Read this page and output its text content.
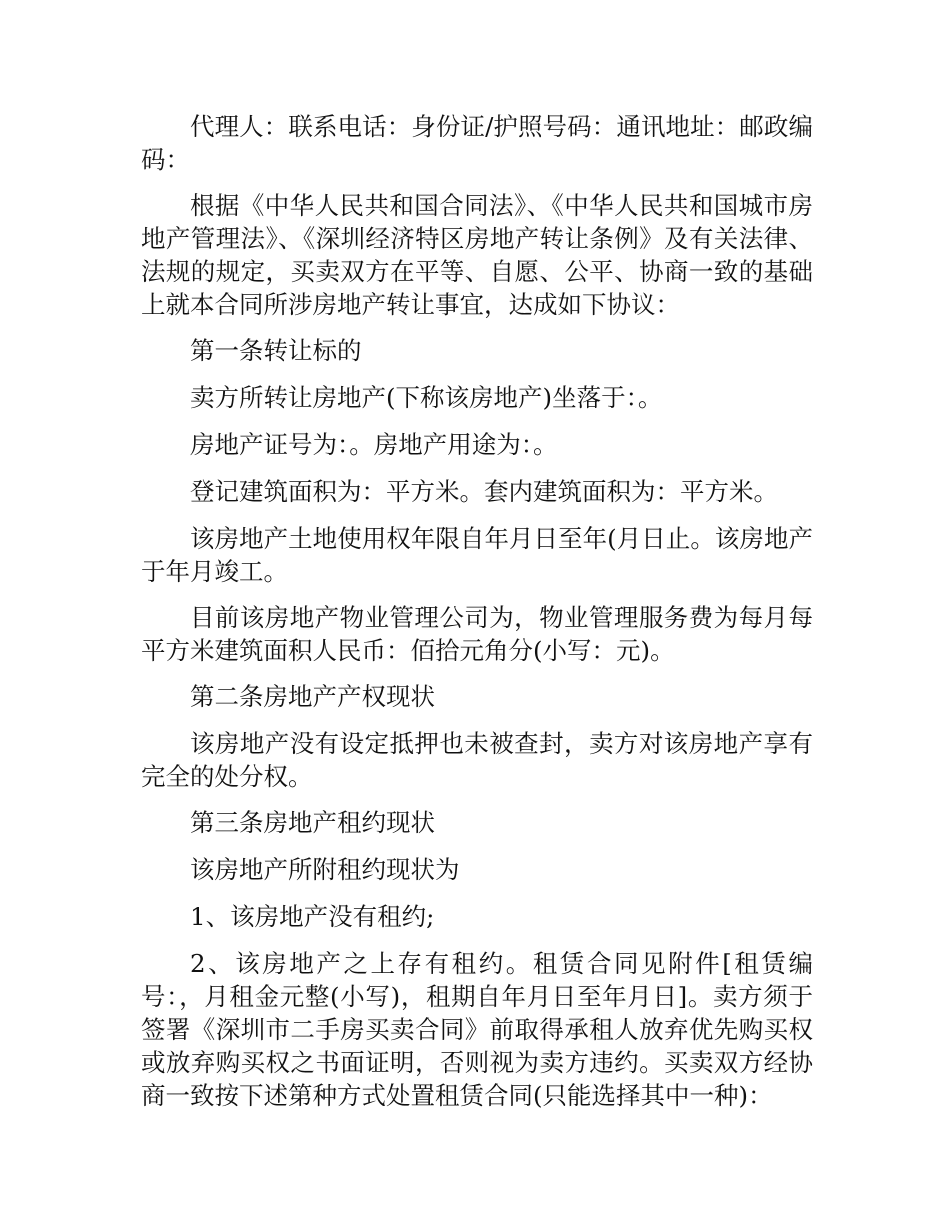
代理人：联系电话：身份证/护照号码：通讯地址：邮政编码：

根据《中华人民共和国合同法》、《中华人民共和国城市房地产管理法》、《深圳经济特区房地产转让条例》及有关法律、法规的规定，买卖双方在平等、自愿、公平、协商一致的基础上就本合同所涉房地产转让事宜，达成如下协议：

第一条转让标的

卖方所转让房地产(下称该房地产)坐落于：。

房地产证号为：。房地产用途为：。

登记建筑面积为：平方米。套内建筑面积为：平方米。

该房地产土地使用权年限自年月日至年(月日止。该房地产于年月竣工。

目前该房地产物业管理公司为，物业管理服务费为每月每平方米建筑面积人民币：佰拾元角分(小写：元)。

第二条房地产产权现状

该房地产没有设定抵押也未被查封，卖方对该房地产享有完全的处分权。

第三条房地产租约现状

该房地产所附租约现状为

1、该房地产没有租约;

2、该房地产之上存有租约。租赁合同见附件[租赁编号：，月租金元整(小写)，租期自年月日至年月日]。卖方须于签署《深圳市二手房买卖合同》前取得承租人放弃优先购买权或放弃购买权之书面证明，否则视为卖方违约。买卖双方经协商一致按下述第种方式处置租赁合同(只能选择其中一种)：
